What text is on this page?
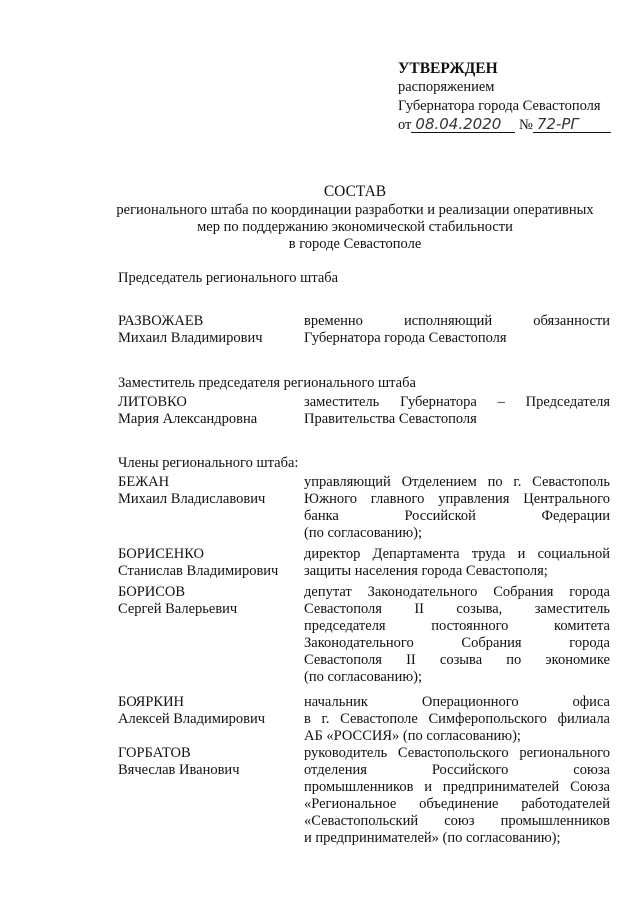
УТВЕРЖДЕН
распоряжением
Губернатора города Севастополя
от 08.04.2020 № 72-РГ
СОСТАВ
регионального штаба по координации разработки и реализации оперативных
мер по поддержанию экономической стабильности
в городе Севастополе
Председатель регионального штаба
РАЗВОЖАЕВ
Михаил Владимирович
временно исполняющий обязанности
Губернатора города Севастополя
Заместитель председателя регионального штаба
ЛИТОВКО
Мария Александровна
заместитель Губернатора – Председателя
Правительства Севастополя
Члены регионального штаба:
БЕЖАН
Михаил Владиславович
управляющий Отделением по г. Севастополь
Южного главного управления Центрального
банка Российской Федерации
(по согласованию);
БОРИСЕНКО
Станислав Владимирович
директор Департамента труда и социальной
защиты населения города Севастополя;
БОРИСОВ
Сергей Валерьевич
депутат Законодательного Собрания города
Севастополя II созыва, заместитель
председателя постоянного комитета
Законодательного Собрания города
Севастополя II созыва по экономике
(по согласованию);
БОЯРКИН
Алексей Владимирович
начальник Операционного офиса
в г. Севастополе Симферопольского филиала
АБ «РОССИЯ» (по согласованию);
ГОРБАТОВ
Вячеслав Иванович
руководитель Севастопольского регионального
отделения Российского союза
промышленников и предпринимателей Союза
«Региональное объединение работодателей
«Севастопольский союз промышленников
и предпринимателей» (по согласованию);
